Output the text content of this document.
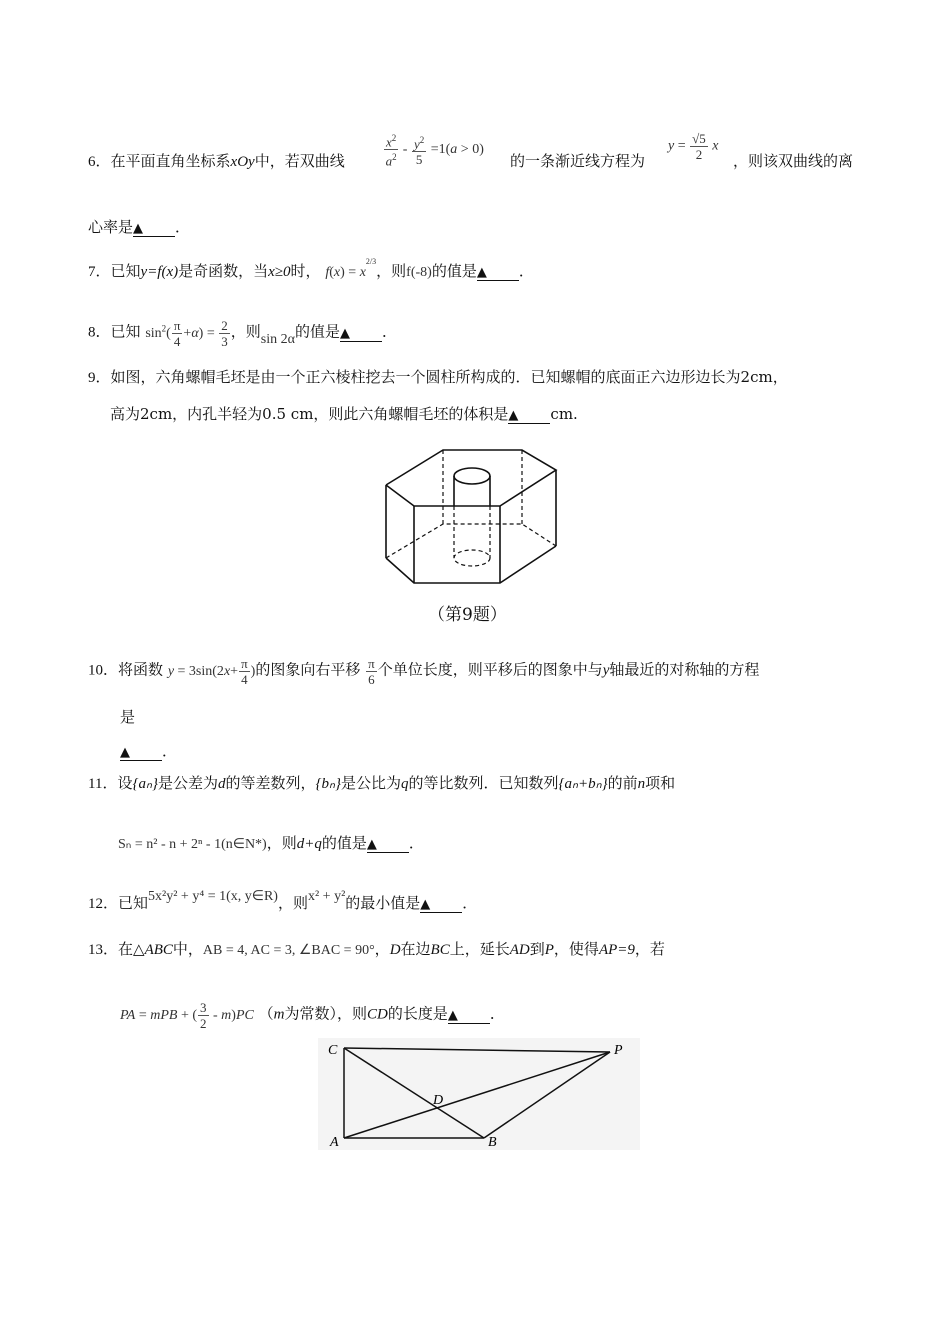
6．在平面直角坐标系xOy中，若双曲线	$\frac{x^2}{a^2} - \frac{y^2}{5} =1(a > 0)$
的一条渐近线方程为
$y = \frac{√5}{2}$ x
，则该双曲线的离
心率是▲ ．
7．已知y=f(x)是奇函数，当x≥0时， $f(x) = x^{2/3}$，则f(-8)的值是▲ ．
8．已知 $\sin^2( \frac{\pi}{4} +\alpha) = \frac{2}{3}$ ，则sin 2α的值是▲ ．
9．如图，六角螺帽毛坯是由一个正六棱柱挖去一个圆柱所构成的．已知螺帽的底面正六边形边长为2cm，
高为2cm，内孔半轻为0.5 cm，则此六角螺帽毛坯的体积是▲ cm.
（第9题）
10．将函数 $y = 3\sin(2x+ \frac{\pi}{4}$ )的图象向右平移 $\frac{\pi}{6}$ 个单位长度，则平移后的图象中与y轴最近的对称轴的方程
是
▲ ．
11．设{aₙ}是公差为d的等差数列，{bₙ}是公比为q的等比数列．已知数列{aₙ+bₙ}的前n项和
Sₙ = n² - n + 2ⁿ - 1(n∈N*)，则d+q的值是▲ ．
12．已知5x²y² + y⁴ = 1(x, y∈R)，则x² + y²的最小值是▲ ．
13．在△ABC中，AB = 4, AC = 3, ∠BAC = 90°，D在边BC上，延长AD到P，使得AP=9，若
PA = mPB + ( $\frac{3}{2} - m)PC$ （m为常数），则CD的长度是▲ ．
C	P
D
A	B
